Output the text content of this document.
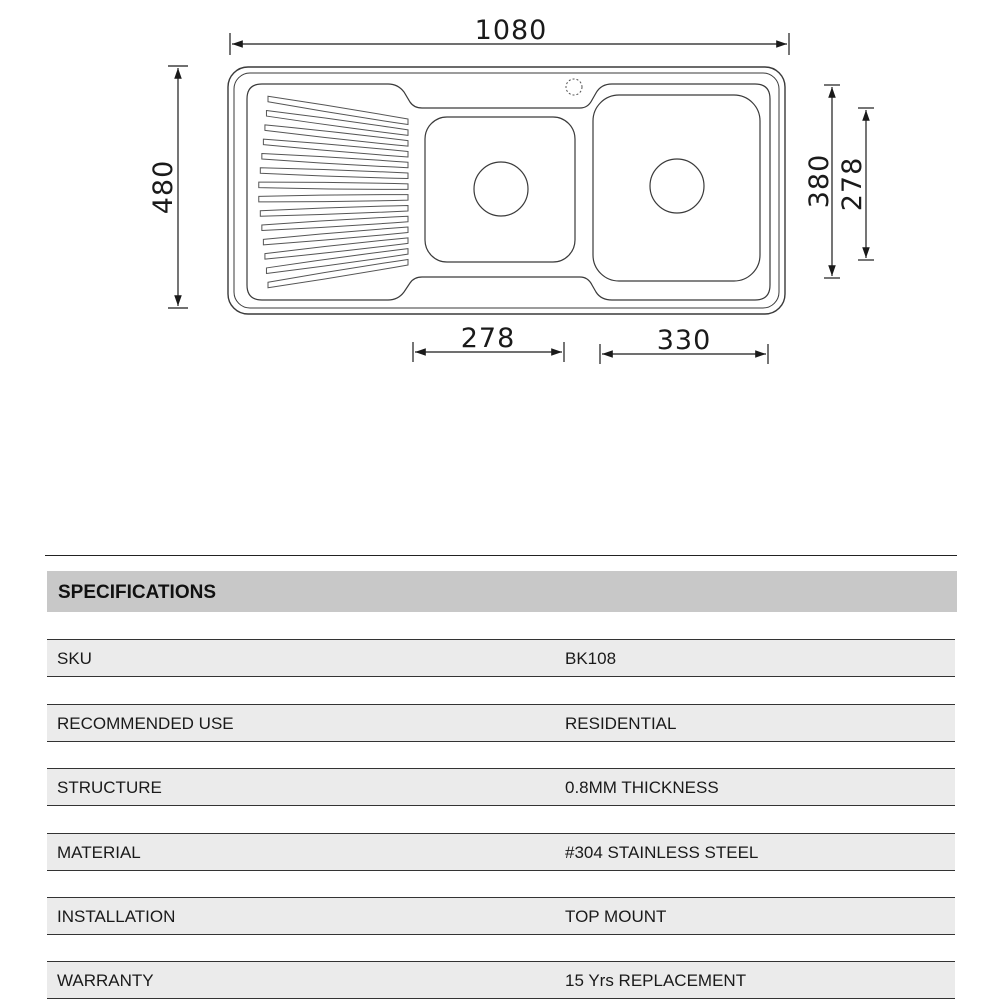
1080
480	380 278
278	330
SPECIFICATIONS
SKU	BK108
RECOMMENDED USE	RESIDENTIAL
STRUCTURE	0.8MM THICKNESS
MATERIAL	#304 STAINLESS STEEL
INSTALLATION	TOP MOUNT
WARRANTY	15 Yrs REPLACEMENT
